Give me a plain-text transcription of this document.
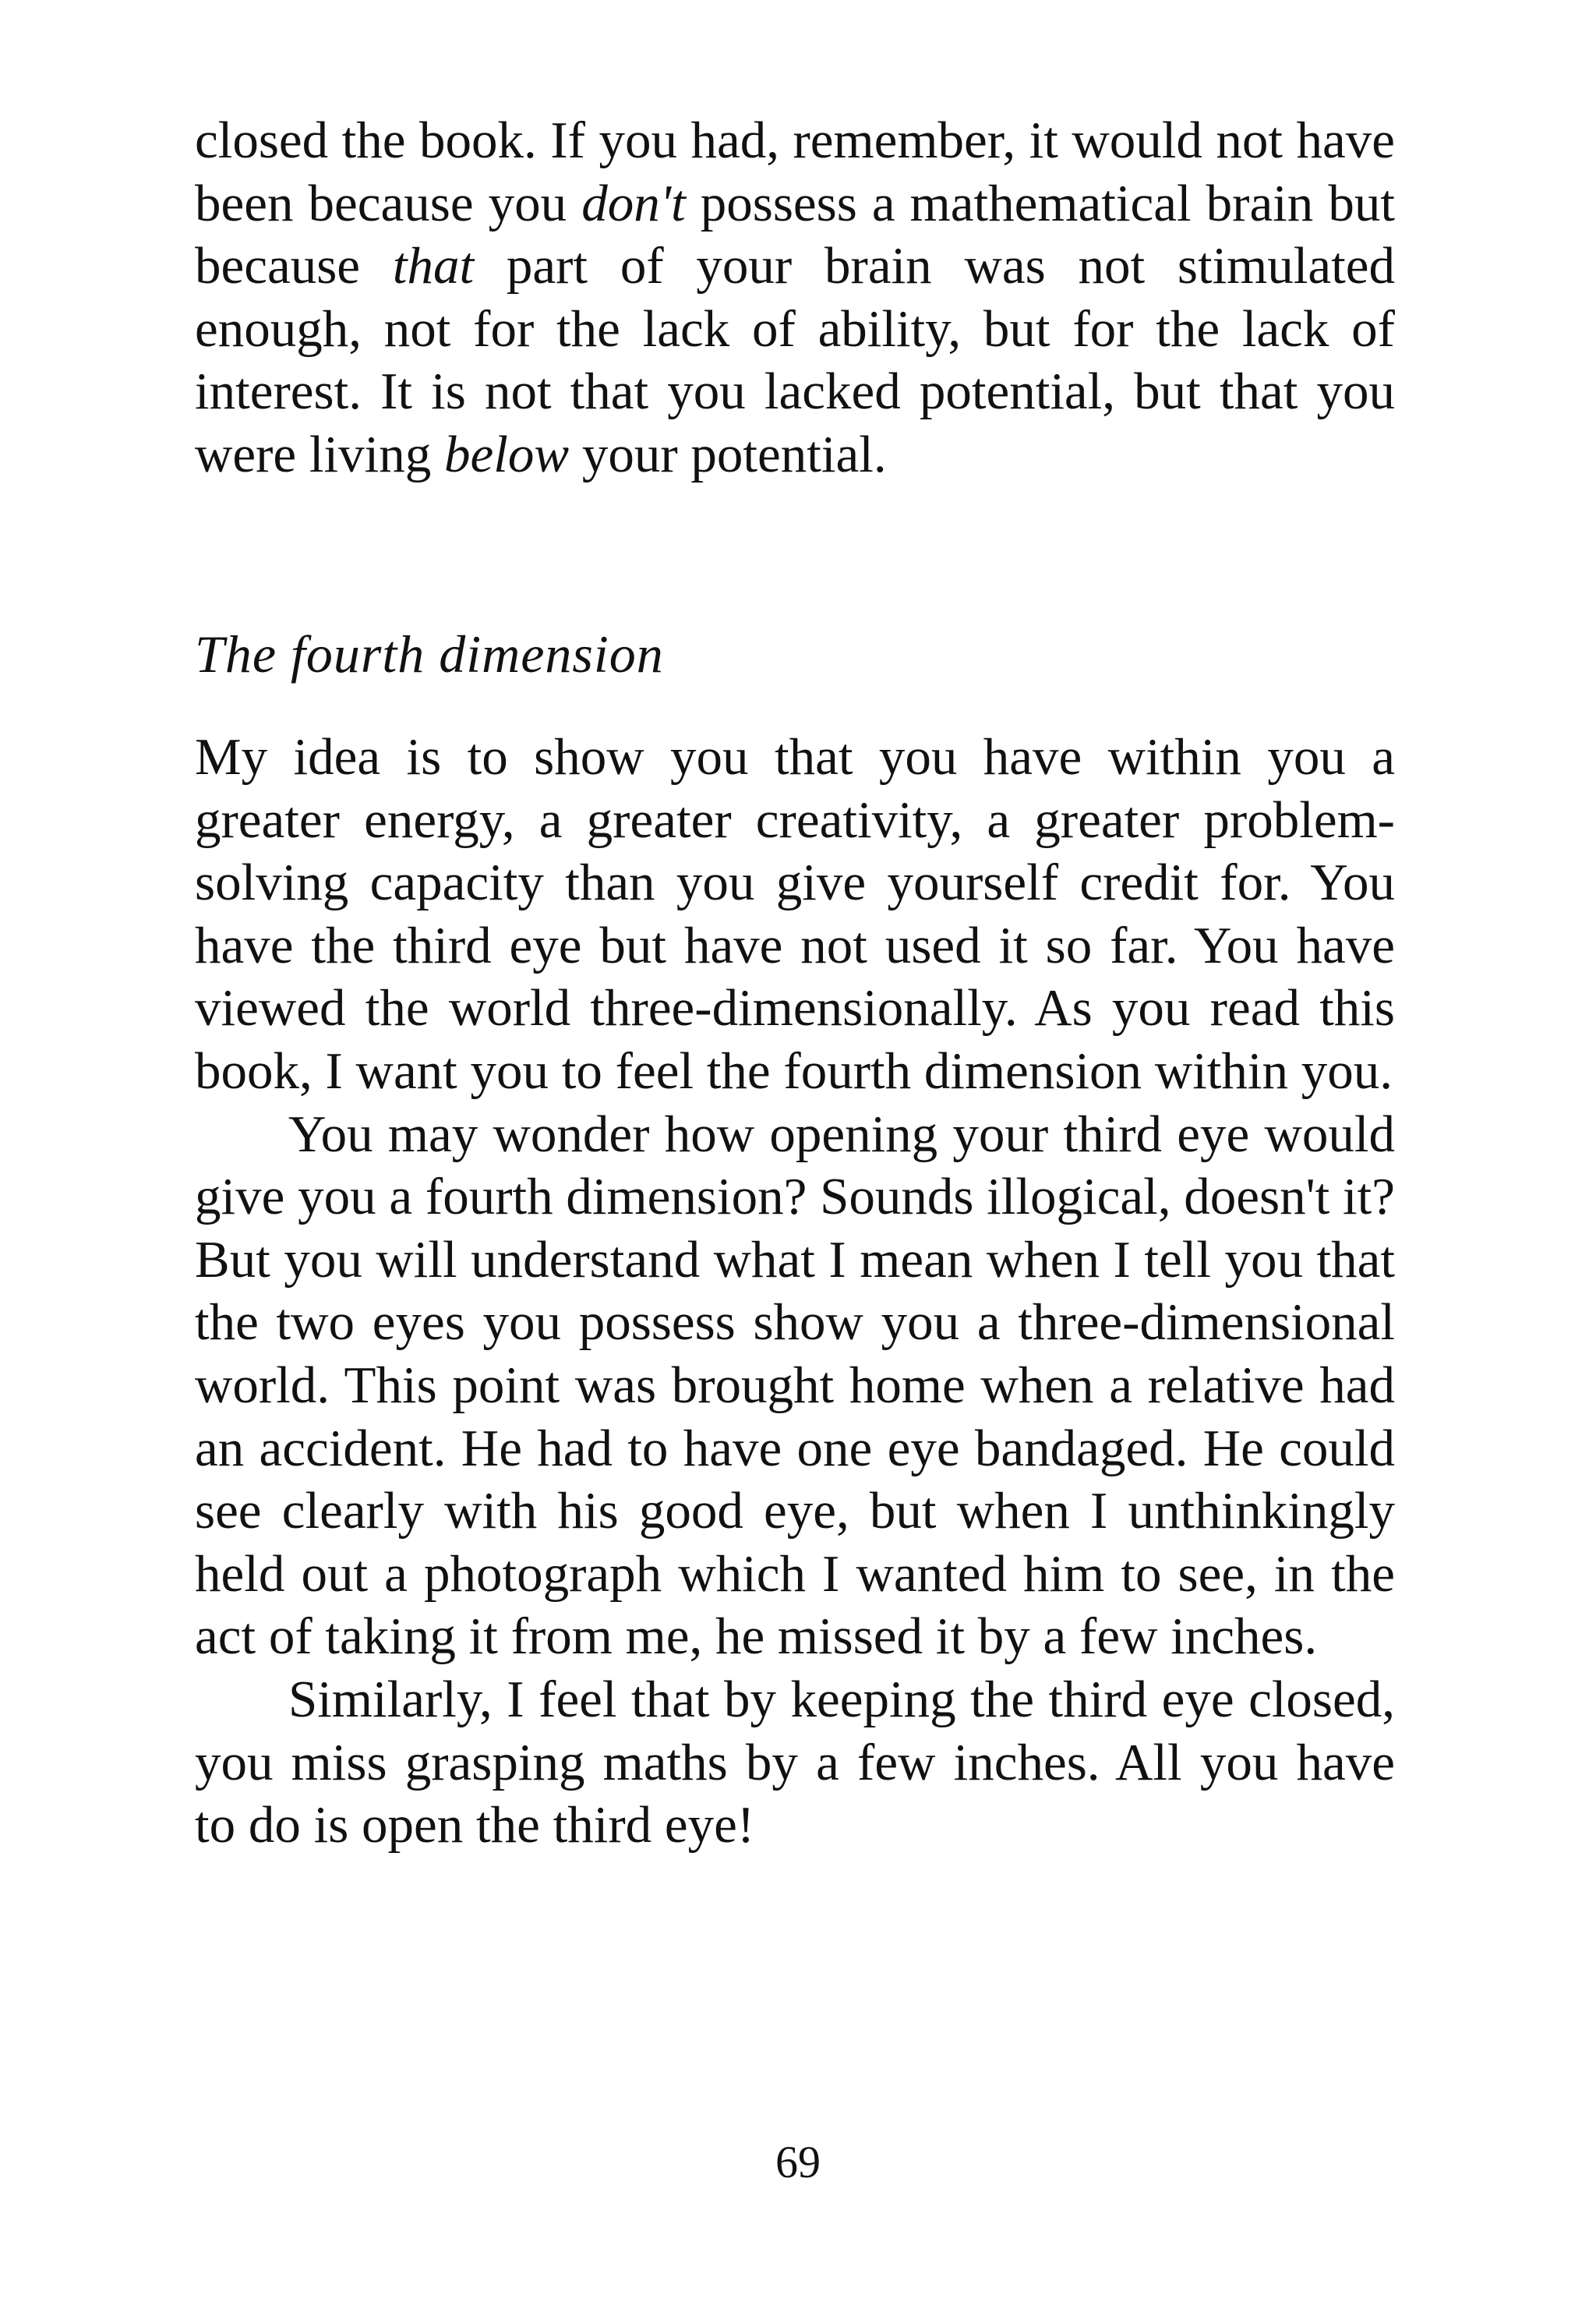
closed the book. If you had, remember, it would not have been because you don't possess a mathematical brain but because that part of your brain was not stimulated enough, not for the lack of ability, but for the lack of interest. It is not that you lacked potential, but that you were living below your potential.

The fourth dimension

My idea is to show you that you have within you a greater energy, a greater creativity, a greater problem-solving capacity than you give yourself credit for. You have the third eye but have not used it so far. You have viewed the world three-dimensionally. As you read this book, I want you to feel the fourth dimension within you.

You may wonder how opening your third eye would give you a fourth dimension? Sounds illogical, doesn't it? But you will understand what I mean when I tell you that the two eyes you possess show you a three-dimensional world. This point was brought home when a relative had an accident. He had to have one eye bandaged. He could see clearly with his good eye, but when I unthinkingly held out a photograph which I wanted him to see, in the act of taking it from me, he missed it by a few inches.

Similarly, I feel that by keeping the third eye closed, you miss grasping maths by a few inches. All you have to do is open the third eye!

69
